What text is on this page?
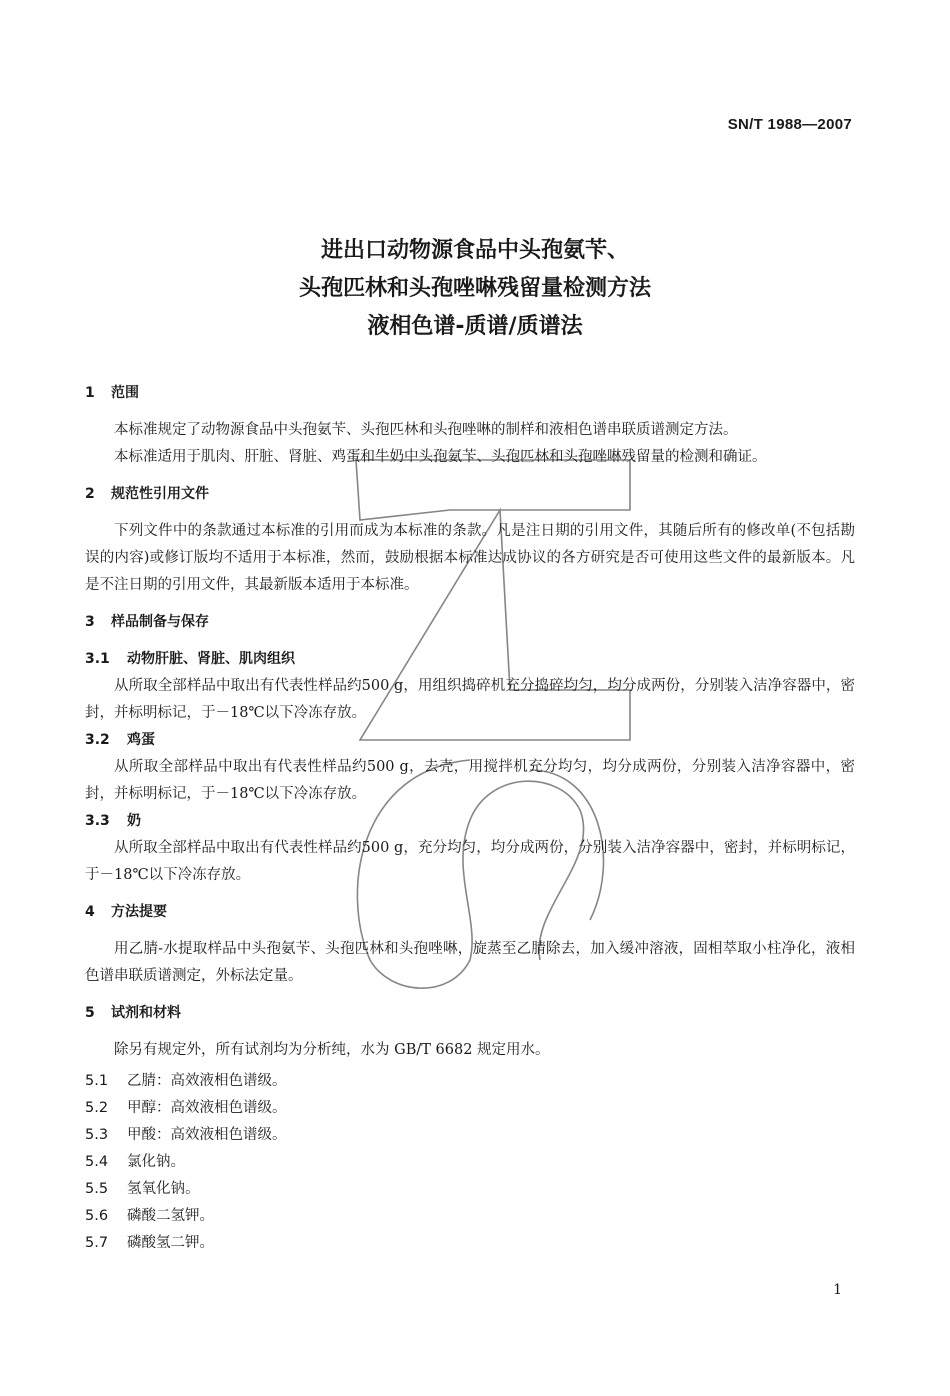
SN/T 1988—2007
进出口动物源食品中头孢氨苄、
头孢匹林和头孢唑啉残留量检测方法
液相色谱-质谱/质谱法
1	范围

本标准规定了动物源食品中头孢氨苄、头孢匹林和头孢唑啉的制样和液相色谱串联质谱测定方法。

本标准适用于肌肉、肝脏、肾脏、鸡蛋和牛奶中头孢氨苄、头孢匹林和头孢唑啉残留量的检测和确证。

2	规范性引用文件

下列文件中的条款通过本标准的引用而成为本标准的条款。凡是注日期的引用文件，其随后所有的修改单(不包括勘误的内容)或修订版均不适用于本标准，然而，鼓励根据本标准达成协议的各方研究是否可使用这些文件的最新版本。凡是不注日期的引用文件，其最新版本适用于本标准。

3	样品制备与保存
3.1	动物肝脏、肾脏、肌肉组织

从所取全部样品中取出有代表性样品约500 g，用组织捣碎机充分捣碎均匀，均分成两份，分别装入洁净容器中，密封，并标明标记，于－18℃以下冷冻存放。

3.2	鸡蛋

从所取全部样品中取出有代表性样品约500 g，去壳，用搅拌机充分均匀，均分成两份，分别装入洁净容器中，密封，并标明标记，于－18℃以下冷冻存放。

3.3	奶

从所取全部样品中取出有代表性样品约500 g，充分均匀，均分成两份，分别装入洁净容器中，密封，并标明标记，于－18℃以下冷冻存放。

4	方法提要

用乙腈-水提取样品中头孢氨苄、头孢匹林和头孢唑啉，旋蒸至乙腈除去，加入缓冲溶液，固相萃取小柱净化，液相色谱串联质谱测定，外标法定量。

5	试剂和材料

除另有规定外，所有试剂均为分析纯，水为 GB/T 6682 规定用水。

5.1	乙腈：高效液相色谱级。
5.2	甲醇：高效液相色谱级。
5.3	甲酸：高效液相色谱级。
5.4	氯化钠。
5.5	氢氧化钠。
5.6	磷酸二氢钾。
5.7	磷酸氢二钾。
1
